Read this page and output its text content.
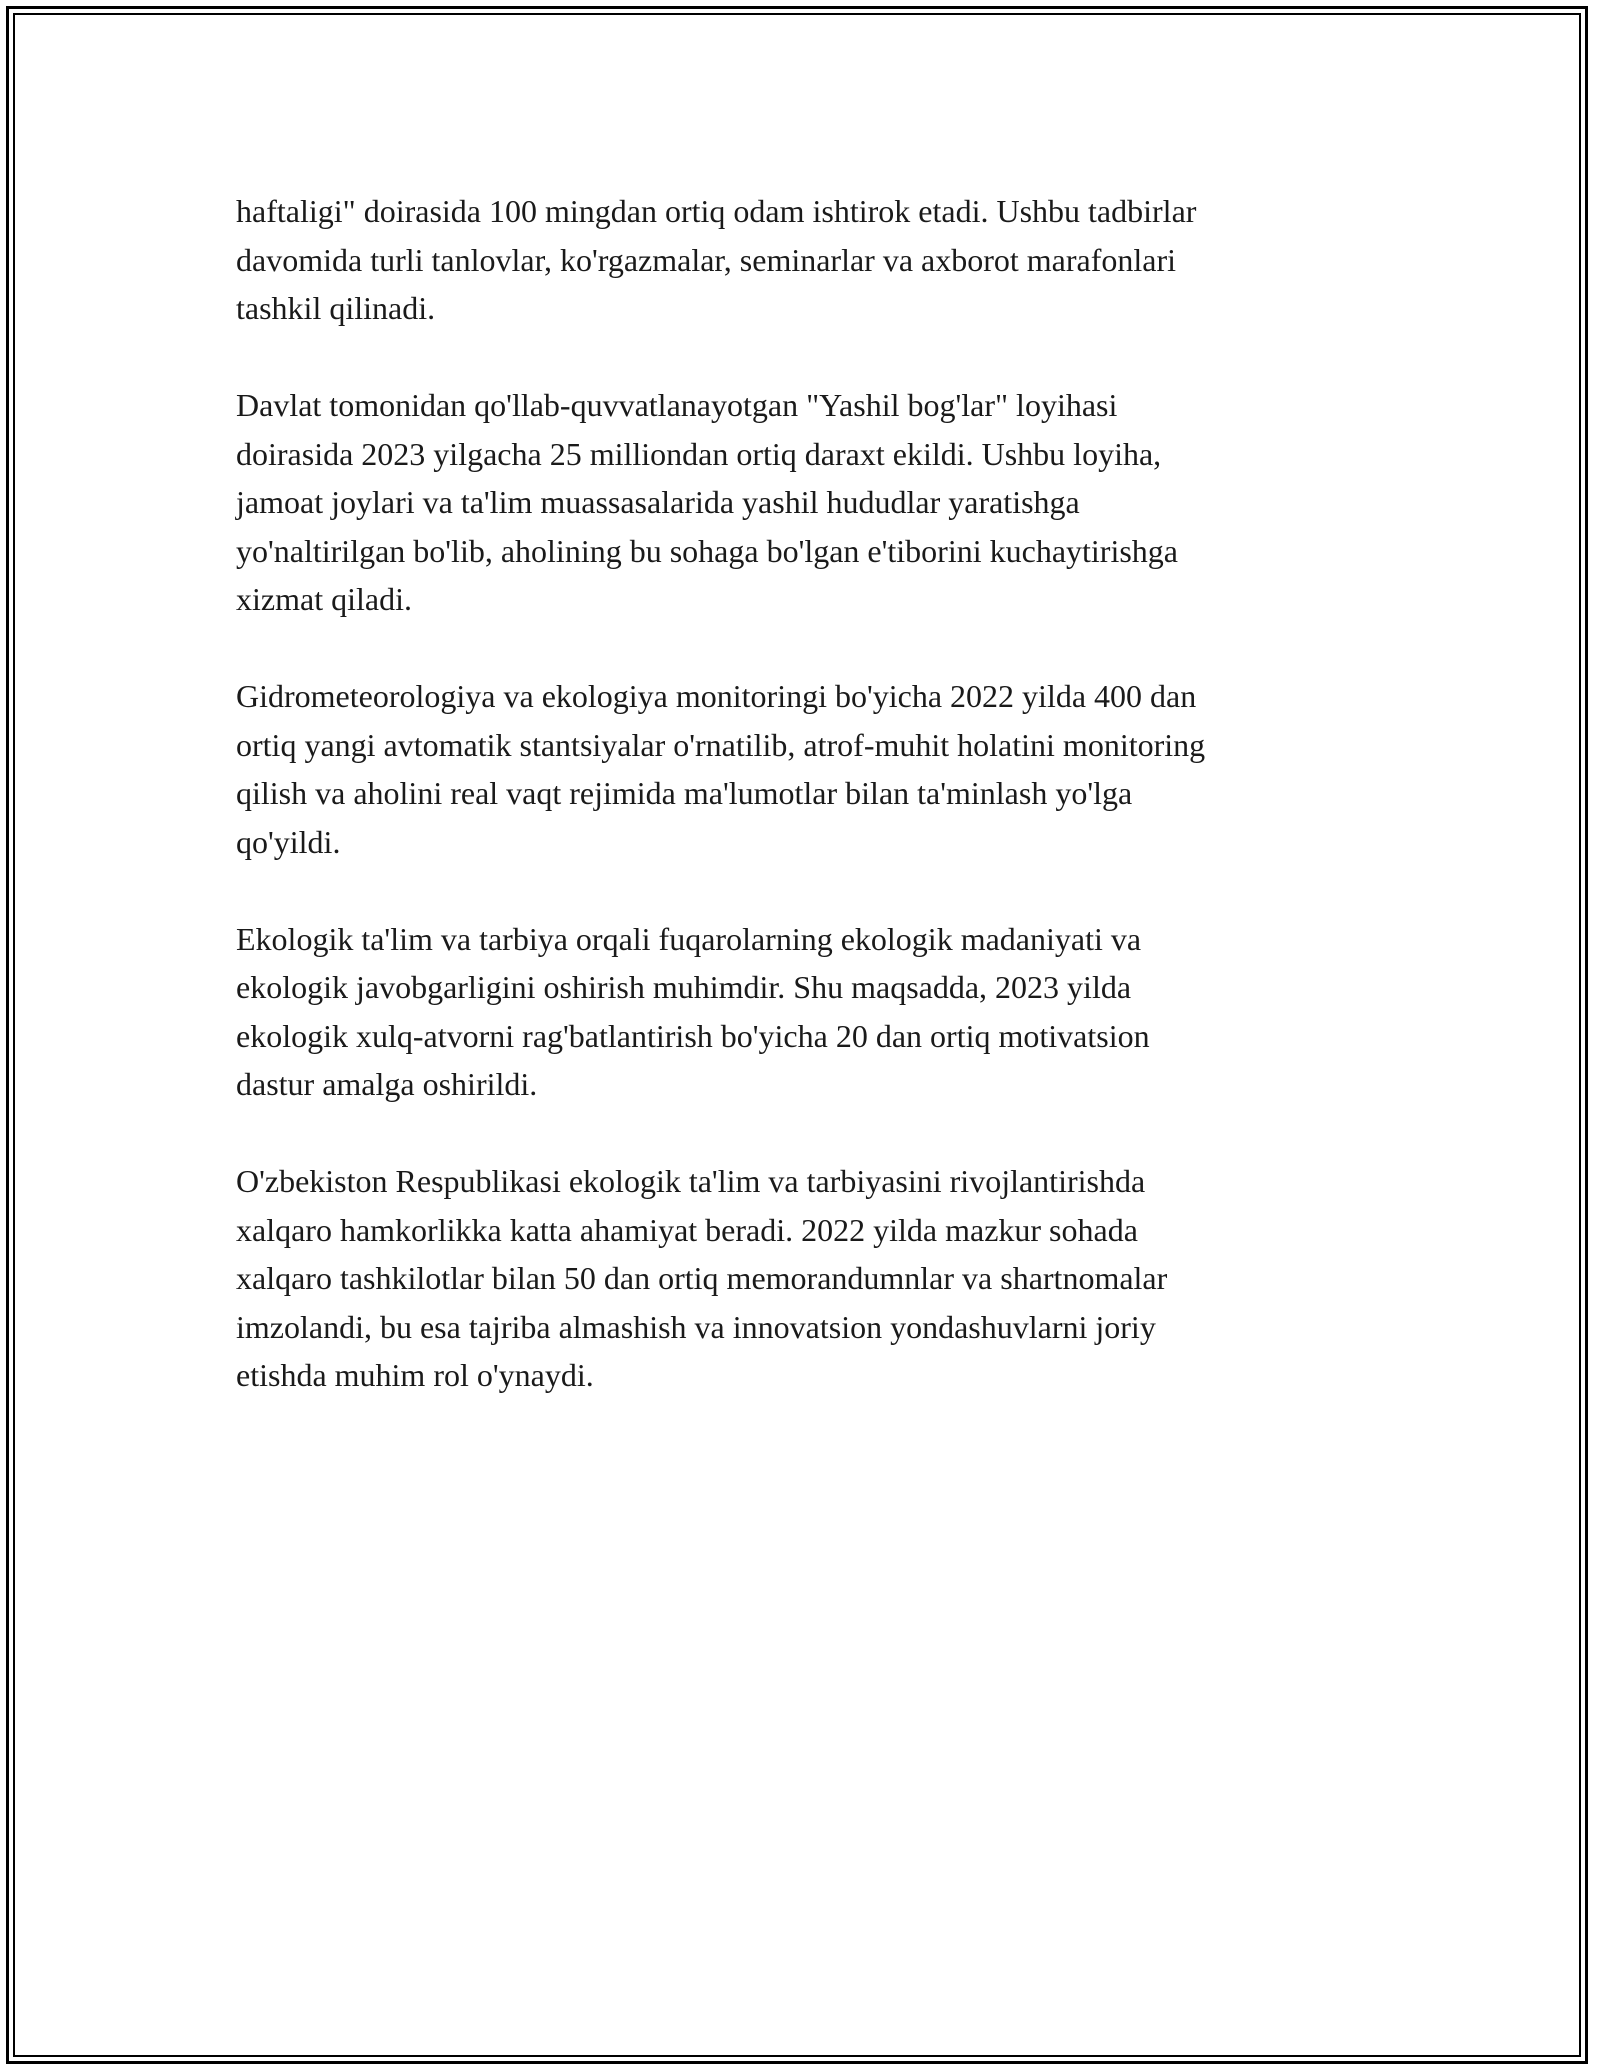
haftaligi" doirasida 100 mingdan ortiq odam ishtirok etadi. Ushbu tadbirlar
davomida turli tanlovlar, ko'rgazmalar, seminarlar va axborot marafonlari
tashkil qilinadi.

Davlat tomonidan qo'llab-quvvatlanayotgan "Yashil bog'lar" loyihasi
doirasida 2023 yilgacha 25 milliondan ortiq daraxt ekildi. Ushbu loyiha,
jamoat joylari va ta'lim muassasalarida yashil hududlar yaratishga
yo'naltirilgan bo'lib, aholining bu sohaga bo'lgan e'tiborini kuchaytirishga
xizmat qiladi.

Gidrometeorologiya va ekologiya monitoringi bo'yicha 2022 yilda 400 dan
ortiq yangi avtomatik stantsiyalar o'rnatilib, atrof-muhit holatini monitoring
qilish va aholini real vaqt rejimida ma'lumotlar bilan ta'minlash yo'lga
qo'yildi.

Ekologik ta'lim va tarbiya orqali fuqarolarning ekologik madaniyati va
ekologik javobgarligini oshirish muhimdir. Shu maqsadda, 2023 yilda
ekologik xulq-atvorni rag'batlantirish bo'yicha 20 dan ortiq motivatsion
dastur amalga oshirildi.

O'zbekiston Respublikasi ekologik ta'lim va tarbiyasini rivojlantirishda
xalqaro hamkorlikka katta ahamiyat beradi. 2022 yilda mazkur sohada
xalqaro tashkilotlar bilan 50 dan ortiq memorandumnlar va shartnomalar
imzolandi, bu esa tajriba almashish va innovatsion yondashuvlarni joriy
etishda muhim rol o'ynaydi.
